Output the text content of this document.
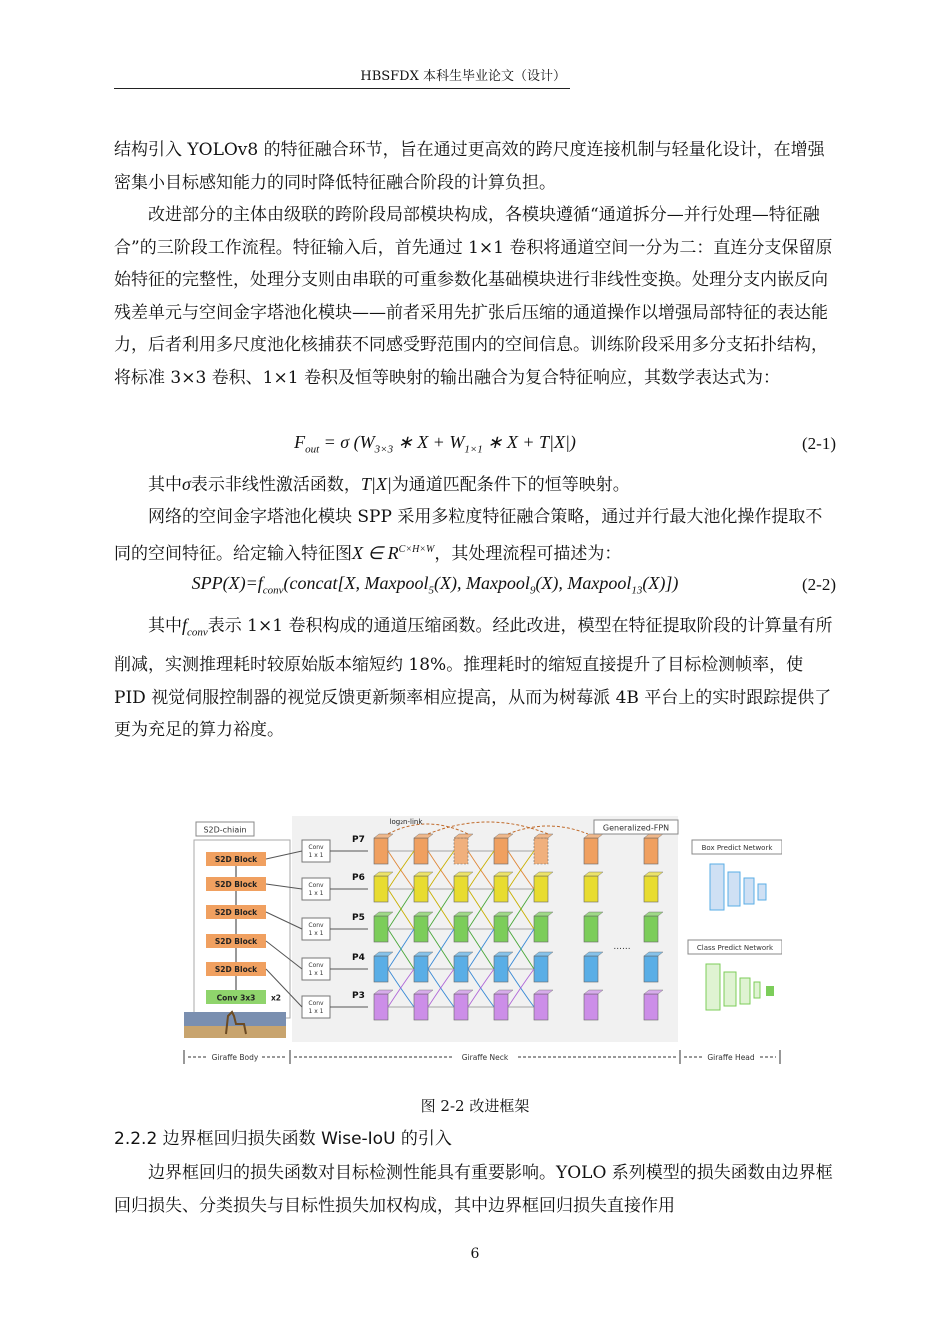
HBSFDX 本科生毕业论文（设计）

结构引入 YOLOv8 的特征融合环节，旨在通过更高效的跨尺度连接机制与轻量化设计，在增强密集小目标感知能力的同时降低特征融合阶段的计算负担。

改进部分的主体由级联的跨阶段局部模块构成，各模块遵循“通道拆分—并行处理—特征融合”的三阶段工作流程。特征输入后，首先通过 1×1 卷积将通道空间一分为二：直连分支保留原始特征的完整性，处理分支则由串联的可重参数化基础模块进行非线性变换。处理分支内嵌反向残差单元与空间金字塔池化模块——前者采用先扩张后压缩的通道操作以增强局部特征的表达能力，后者利用多尺度池化核捕获不同感受野范围内的空间信息。训练阶段采用多分支拓扑结构，将标准 3×3 卷积、1×1 卷积及恒等映射的输出融合为复合特征响应，其数学表达式为：

$F_{out} = \sigma$ ($W_{3\times 3}$ ∗ $X + W_{1\times 1}$ ∗ X + T|X|)	(2-1)

其中σ表示非线性激活函数，T|X|为通道匹配条件下的恒等映射。

网络的空间金字塔池化模块 SPP 采用多粒度特征融合策略，通过并行最大池化操作提取不同的空间特征。给定输入特征图X ∈ $R^{C\times H\times W}$，其处理流程可描述为：

$SPP(X)=f_{conv}(concat[X$, Maxpool$_5$(X), Maxpool$_9$(X), Maxpool$_{13}$(X)])	(2-2)

其中$f_{conv}$表示 1×1 卷积构成的通道压缩函数。经此改进，模型在特征提取阶段的计算量有所削减，实测推理耗时较原始版本缩短约 18%。推理耗时的缩短直接提升了目标检测帧率，使 PID 视觉伺服控制器的视觉反馈更新频率相应提高，从而为树莓派 4B 平台上的实时跟踪提供了更为充足的算力裕度。

S2D-chiain
S2D Block
S2D Block
S2D Block
S2D Block
S2D Block
Conv 3x3 x2
Conv
1 x 1
Conv
1 x 1
Conv
1 x 1
Conv
1 x 1
Conv
1 x 1
P7
P6
P5
P4
P3
log₂n-link
Generalized-FPN
......
Box Predict Network
Class Predict Network
Giraffe Body	Giraffe Neck	Giraffe Head
图 2-2 改进框架
2.2.2 边界框回归损失函数 Wise-IoU 的引入

边界框回归的损失函数对目标检测性能具有重要影响。YOLO 系列模型的损失函数由边界框回归损失、分类损失与目标性损失加权构成，其中边界框回归损失直接作用

6
